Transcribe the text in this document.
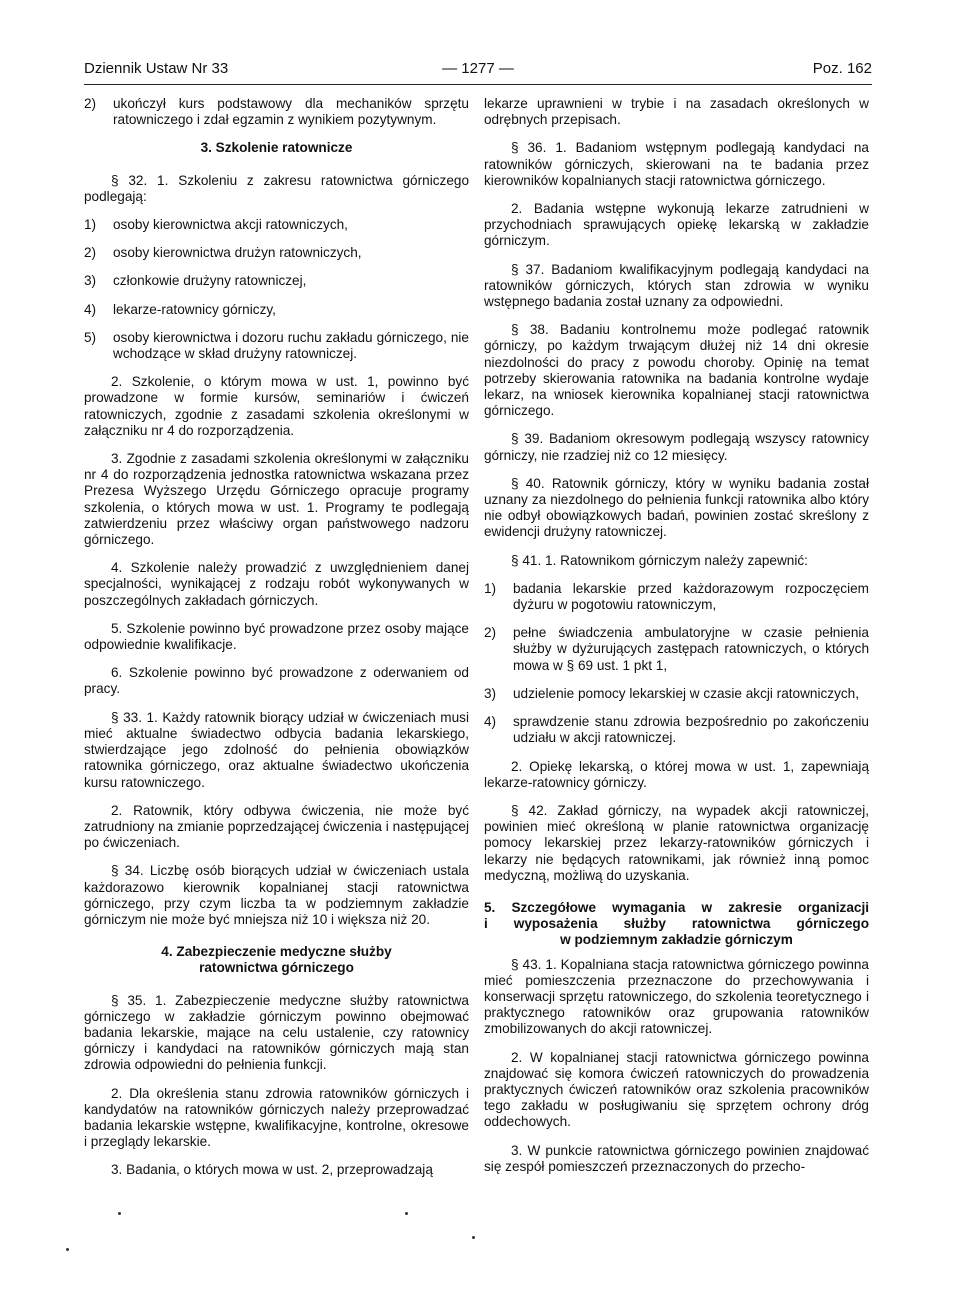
Dziennik Ustaw Nr 33	— 1277 —	Poz. 162
2)	ukończył kurs podstawowy dla mechaników sprzętu ratowniczego i zdał egzamin z wynikiem pozytywnym.
3. Szkolenie ratownicze

§ 32. 1. Szkoleniu z zakresu ratownictwa górniczego podlegają:

1)	osoby kierownictwa akcji ratowniczych,
2)	osoby kierownictwa drużyn ratowniczych,
3)	członkowie drużyny ratowniczej,
4)	lekarze-ratownicy górniczy,
5)	osoby kierownictwa i dozoru ruchu zakładu górniczego, nie wchodzące w skład drużyny ratowniczej.

2. Szkolenie, o którym mowa w ust. 1, powinno być prowadzone w formie kursów, seminariów i ćwiczeń ratowniczych, zgodnie z zasadami szkolenia określonymi w załączniku nr 4 do rozporządzenia.

3. Zgodnie z zasadami szkolenia określonymi w załączniku nr 4 do rozporządzenia jednostka ratownictwa wskazana przez Prezesa Wyższego Urzędu Górniczego opracuje programy szkolenia, o których mowa w ust. 1. Programy te podlegają zatwierdzeniu przez właściwy organ państwowego nadzoru górniczego.

4. Szkolenie należy prowadzić z uwzględnieniem danej specjalności, wynikającej z rodzaju robót wykonywanych w poszczególnych zakładach górniczych.

5. Szkolenie powinno być prowadzone przez osoby mające odpowiednie kwalifikacje.

6. Szkolenie powinno być prowadzone z oderwaniem od pracy.

§ 33. 1. Każdy ratownik biorący udział w ćwiczeniach musi mieć aktualne świadectwo odbycia badania lekarskiego, stwierdzające jego zdolność do pełnienia obowiązków ratownika górniczego, oraz aktualne świadectwo ukończenia kursu ratowniczego.

2. Ratownik, który odbywa ćwiczenia, nie może być zatrudniony na zmianie poprzedzającej ćwiczenia i następującej po ćwiczeniach.

§ 34. Liczbę osób biorących udział w ćwiczeniach ustala każdorazowo kierownik kopalnianej stacji ratownictwa górniczego, przy czym liczba ta w podziemnym zakładzie górniczym nie może być mniejsza niż 10 i większa niż 20.

4. Zabezpieczenie medyczne służby
ratownictwa górniczego

§ 35. 1. Zabezpieczenie medyczne służby ratownictwa górniczego w zakładzie górniczym powinno obejmować badania lekarskie, mające na celu ustalenie, czy ratownicy górniczy i kandydaci na ratowników górniczych mają stan zdrowia odpowiedni do pełnienia funkcji.

2. Dla określenia stanu zdrowia ratowników górniczych i kandydatów na ratowników górniczych należy przeprowadzać badania lekarskie wstępne, kwalifikacyjne, kontrolne, okresowe i przeglądy lekarskie.

3. Badania, o których mowa w ust. 2, przeprowadzają

lekarze uprawnieni w trybie i na zasadach określonych w odrębnych przepisach.

§ 36. 1. Badaniom wstępnym podlegają kandydaci na ratowników górniczych, skierowani na te badania przez kierowników kopalnianych stacji ratownictwa górniczego.

2. Badania wstępne wykonują lekarze zatrudnieni w przychodniach sprawujących opiekę lekarską w zakładzie górniczym.

§ 37. Badaniom kwalifikacyjnym podlegają kandydaci na ratowników górniczych, których stan zdrowia w wyniku wstępnego badania został uznany za odpowiedni.

§ 38. Badaniu kontrolnemu może podlegać ratownik górniczy, po każdym trwającym dłużej niż 14 dni okresie niezdolności do pracy z powodu choroby. Opinię na temat potrzeby skierowania ratownika na badania kontrolne wydaje lekarz, na wniosek kierownika kopalnianej stacji ratownictwa górniczego.

§ 39. Badaniom okresowym podlegają wszyscy ratownicy górniczy, nie rzadziej niż co 12 miesięcy.

§ 40. Ratownik górniczy, który w wyniku badania został uznany za niezdolnego do pełnienia funkcji ratownika albo który nie odbył obowiązkowych badań, powinien zostać skreślony z ewidencji drużyny ratowniczej.

§ 41. 1. Ratownikom górniczym należy zapewnić:

1)	badania lekarskie przed każdorazowym rozpoczęciem dyżuru w pogotowiu ratowniczym,
2)	pełne świadczenia ambulatoryjne w czasie pełnienia służby w dyżurujących zastępach ratowniczych, o których mowa w § 69 ust. 1 pkt 1,
3)	udzielenie pomocy lekarskiej w czasie akcji ratowniczych,
4)	sprawdzenie stanu zdrowia bezpośrednio po zakończeniu udziału w akcji ratowniczej.

2. Opiekę lekarską, o której mowa w ust. 1, zapewniają lekarze-ratownicy górniczy.

§ 42. Zakład górniczy, na wypadek akcji ratowniczej, powinien mieć określoną w planie ratownictwa organizację pomocy lekarskiej przez lekarzy-ratowników górniczych i lekarzy nie będących ratownikami, jak również inną pomoc medyczną, możliwą do uzyskania.

5. Szczegółowe wymagania w zakresie organizacji
i wyposażenia służby ratownictwa górniczego
w podziemnym zakładzie górniczym

§ 43. 1. Kopalniana stacja ratownictwa górniczego powinna mieć pomieszczenia przeznaczone do przechowywania i konserwacji sprzętu ratowniczego, do szkolenia teoretycznego i praktycznego ratowników oraz grupowania ratowników zmobilizowanych do akcji ratowniczej.

2. W kopalnianej stacji ratownictwa górniczego powinna znajdować się komora ćwiczeń ratowniczych do prowadzenia praktycznych ćwiczeń ratowników oraz szkolenia pracowników tego zakładu w posługiwaniu się sprzętem ochrony dróg oddechowych.

3. W punkcie ratownictwa górniczego powinien znajdować się zespół pomieszczeń przeznaczonych do przecho-
